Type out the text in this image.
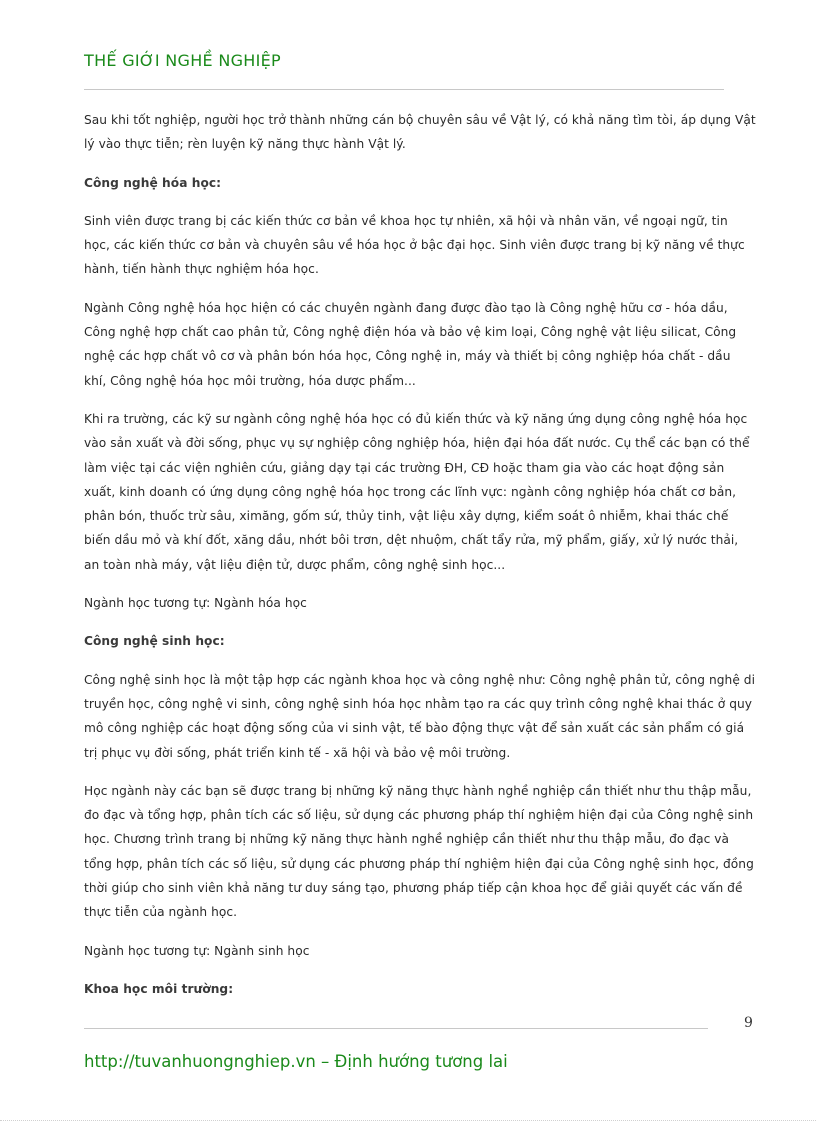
THẾ GIỚI NGHỀ NGHIỆP

Sau khi tốt nghiệp, người học trở thành những cán bộ chuyên sâu về Vật lý, có khả năng tìm tòi, áp dụng Vật lý vào thực tiễn; rèn luyện kỹ năng thực hành Vật lý.

Công nghệ hóa học:

Sinh viên được trang bị các kiến thức cơ bản về khoa học tự nhiên, xã hội và nhân văn, về ngoại ngữ, tin học, các kiến thức cơ bản và chuyên sâu về hóa học ở bậc đại học. Sinh viên được trang bị kỹ năng về thực hành, tiến hành thực nghiệm hóa học.

Ngành Công nghệ hóa học hiện có các chuyên ngành đang được đào tạo là Công nghệ hữu cơ - hóa dầu, Công nghệ hợp chất cao phân tử, Công nghệ điện hóa và bảo vệ kim loại, Công nghệ vật liệu silicat, Công nghệ các hợp chất vô cơ và phân bón hóa học, Công nghệ in, máy và thiết bị công nghiệp hóa chất - dầu khí, Công nghệ hóa học môi trường, hóa dược phẩm...

Khi ra trường, các kỹ sư ngành công nghệ hóa học có đủ kiến thức và kỹ năng ứng dụng công nghệ hóa học vào sản xuất và đời sống, phục vụ sự nghiệp công nghiệp hóa, hiện đại hóa đất nước. Cụ thể các bạn có thể làm việc tại các viện nghiên cứu, giảng dạy tại các trường ĐH, CĐ hoặc tham gia vào các hoạt động sản xuất, kinh doanh có ứng dụng công nghệ hóa học trong các lĩnh vực: ngành công nghiệp hóa chất cơ bản, phân bón, thuốc trừ sâu, ximăng, gốm sứ, thủy tinh, vật liệu xây dựng, kiểm soát ô nhiễm, khai thác chế biến dầu mỏ và khí đốt, xăng dầu, nhớt bôi trơn, dệt nhuộm, chất tẩy rửa, mỹ phẩm, giấy, xử lý nước thải, an toàn nhà máy, vật liệu điện tử, dược phẩm, công nghệ sinh học...

Ngành học tương tự: Ngành hóa học

Công nghệ sinh học:

Công nghệ sinh học là một tập hợp các ngành khoa học và công nghệ như: Công nghệ phân tử, công nghệ di truyền học, công nghệ vi sinh, công nghệ sinh hóa học nhằm tạo ra các quy trình công nghệ khai thác ở quy mô công nghiệp các hoạt động sống của vi sinh vật, tế bào động thực vật để sản xuất các sản phẩm có giá trị phục vụ đời sống, phát triển kinh tế - xã hội và bảo vệ môi trường.

Học ngành này các bạn sẽ được trang bị những kỹ năng thực hành nghề nghiệp cần thiết như thu thập mẫu, đo đạc và tổng hợp, phân tích các số liệu, sử dụng các phương pháp thí nghiệm hiện đại của Công nghệ sinh học. Chương trình trang bị những kỹ năng thực hành nghề nghiệp cần thiết như thu thập mẫu, đo đạc và tổng hợp, phân tích các số liệu, sử dụng các phương pháp thí nghiệm hiện đại của Công nghệ sinh học, đồng thời giúp cho sinh viên khả năng tư duy sáng tạo, phương pháp tiếp cận khoa học để giải quyết các vấn đề thực tiễn của ngành học.

Ngành học tương tự: Ngành sinh học

Khoa học môi trường:

9
http://tuvanhuongnghiep.vn – Định hướng tương lai
